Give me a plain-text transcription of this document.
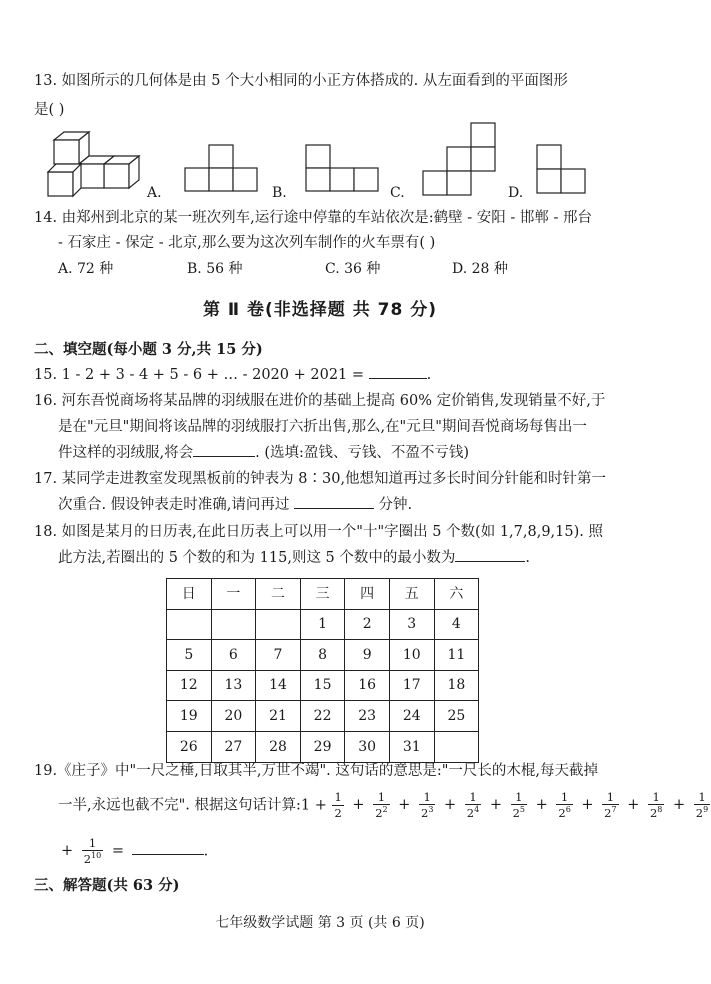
13. 如图所示的几何体是由 5 个大小相同的小正方体搭成的. 从左面看到的平面图形
是( )
A.	B.	C.	D.
14. 由郑州到北京的某一班次列车,运行途中停靠的车站依次是:鹤壁 - 安阳 - 邯郸 - 邢台
- 石家庄 - 保定 - 北京,那么要为这次列车制作的火车票有( )
A. 72 种	B. 56 种	C. 36 种	D. 28 种
第 Ⅱ 卷(非选择题 共 78 分)
二、填空题(每小题 3 分,共 15 分)
15. 1 - 2 + 3 - 4 + 5 - 6 + … - 2020 + 2021 =	.
16. 河东吾悦商场将某品牌的羽绒服在进价的基础上提高 60% 定价销售,发现销量不好,于
是在"元旦"期间将该品牌的羽绒服打六折出售,那么,在"元旦"期间吾悦商场每售出一
件这样的羽绒服,将会	. (选填:盈钱、亏钱、不盈不亏钱)
17. 某同学走进教室发现黑板前的钟表为 8∶30,他想知道再过多长时间分针能和时针第一
次重合. 假设钟表走时准确,请问再过	分钟.
18. 如图是某月的日历表,在此日历表上可以用一个"十"字圈出 5 个数(如 1,7,8,9,15). 照
此方法,若圈出的 5 个数的和为 115,则这 5 个数中的最小数为	.
日	一	二	三	四	五	六
			1	2	3	4
5	6	7	8	9	10	11
12	13	14	15	16	17	18
19	20	21	22	23	24	25
26	27	28	29	30	31	
19.《庄子》中"一尺之棰,日取其半,万世不竭". 这句话的意思是:"一尺长的木棍,每天截掉
一半,永远也截不完". 根据这句话计算:1 + $\frac{1}{2} + \frac{1}{2^2} + \frac{1}{2^3} + \frac{1}{2^4} + \frac{1}{2^5} + \frac{1}{2^6} + \frac{1}{2^7} + \frac{1}{2^8} + \frac{1}{2^9}$
+ $\frac{1}{2^{10}}$ =	.
三、解答题(共 63 分)
七年级数学试题 第 3 页 (共 6 页)
